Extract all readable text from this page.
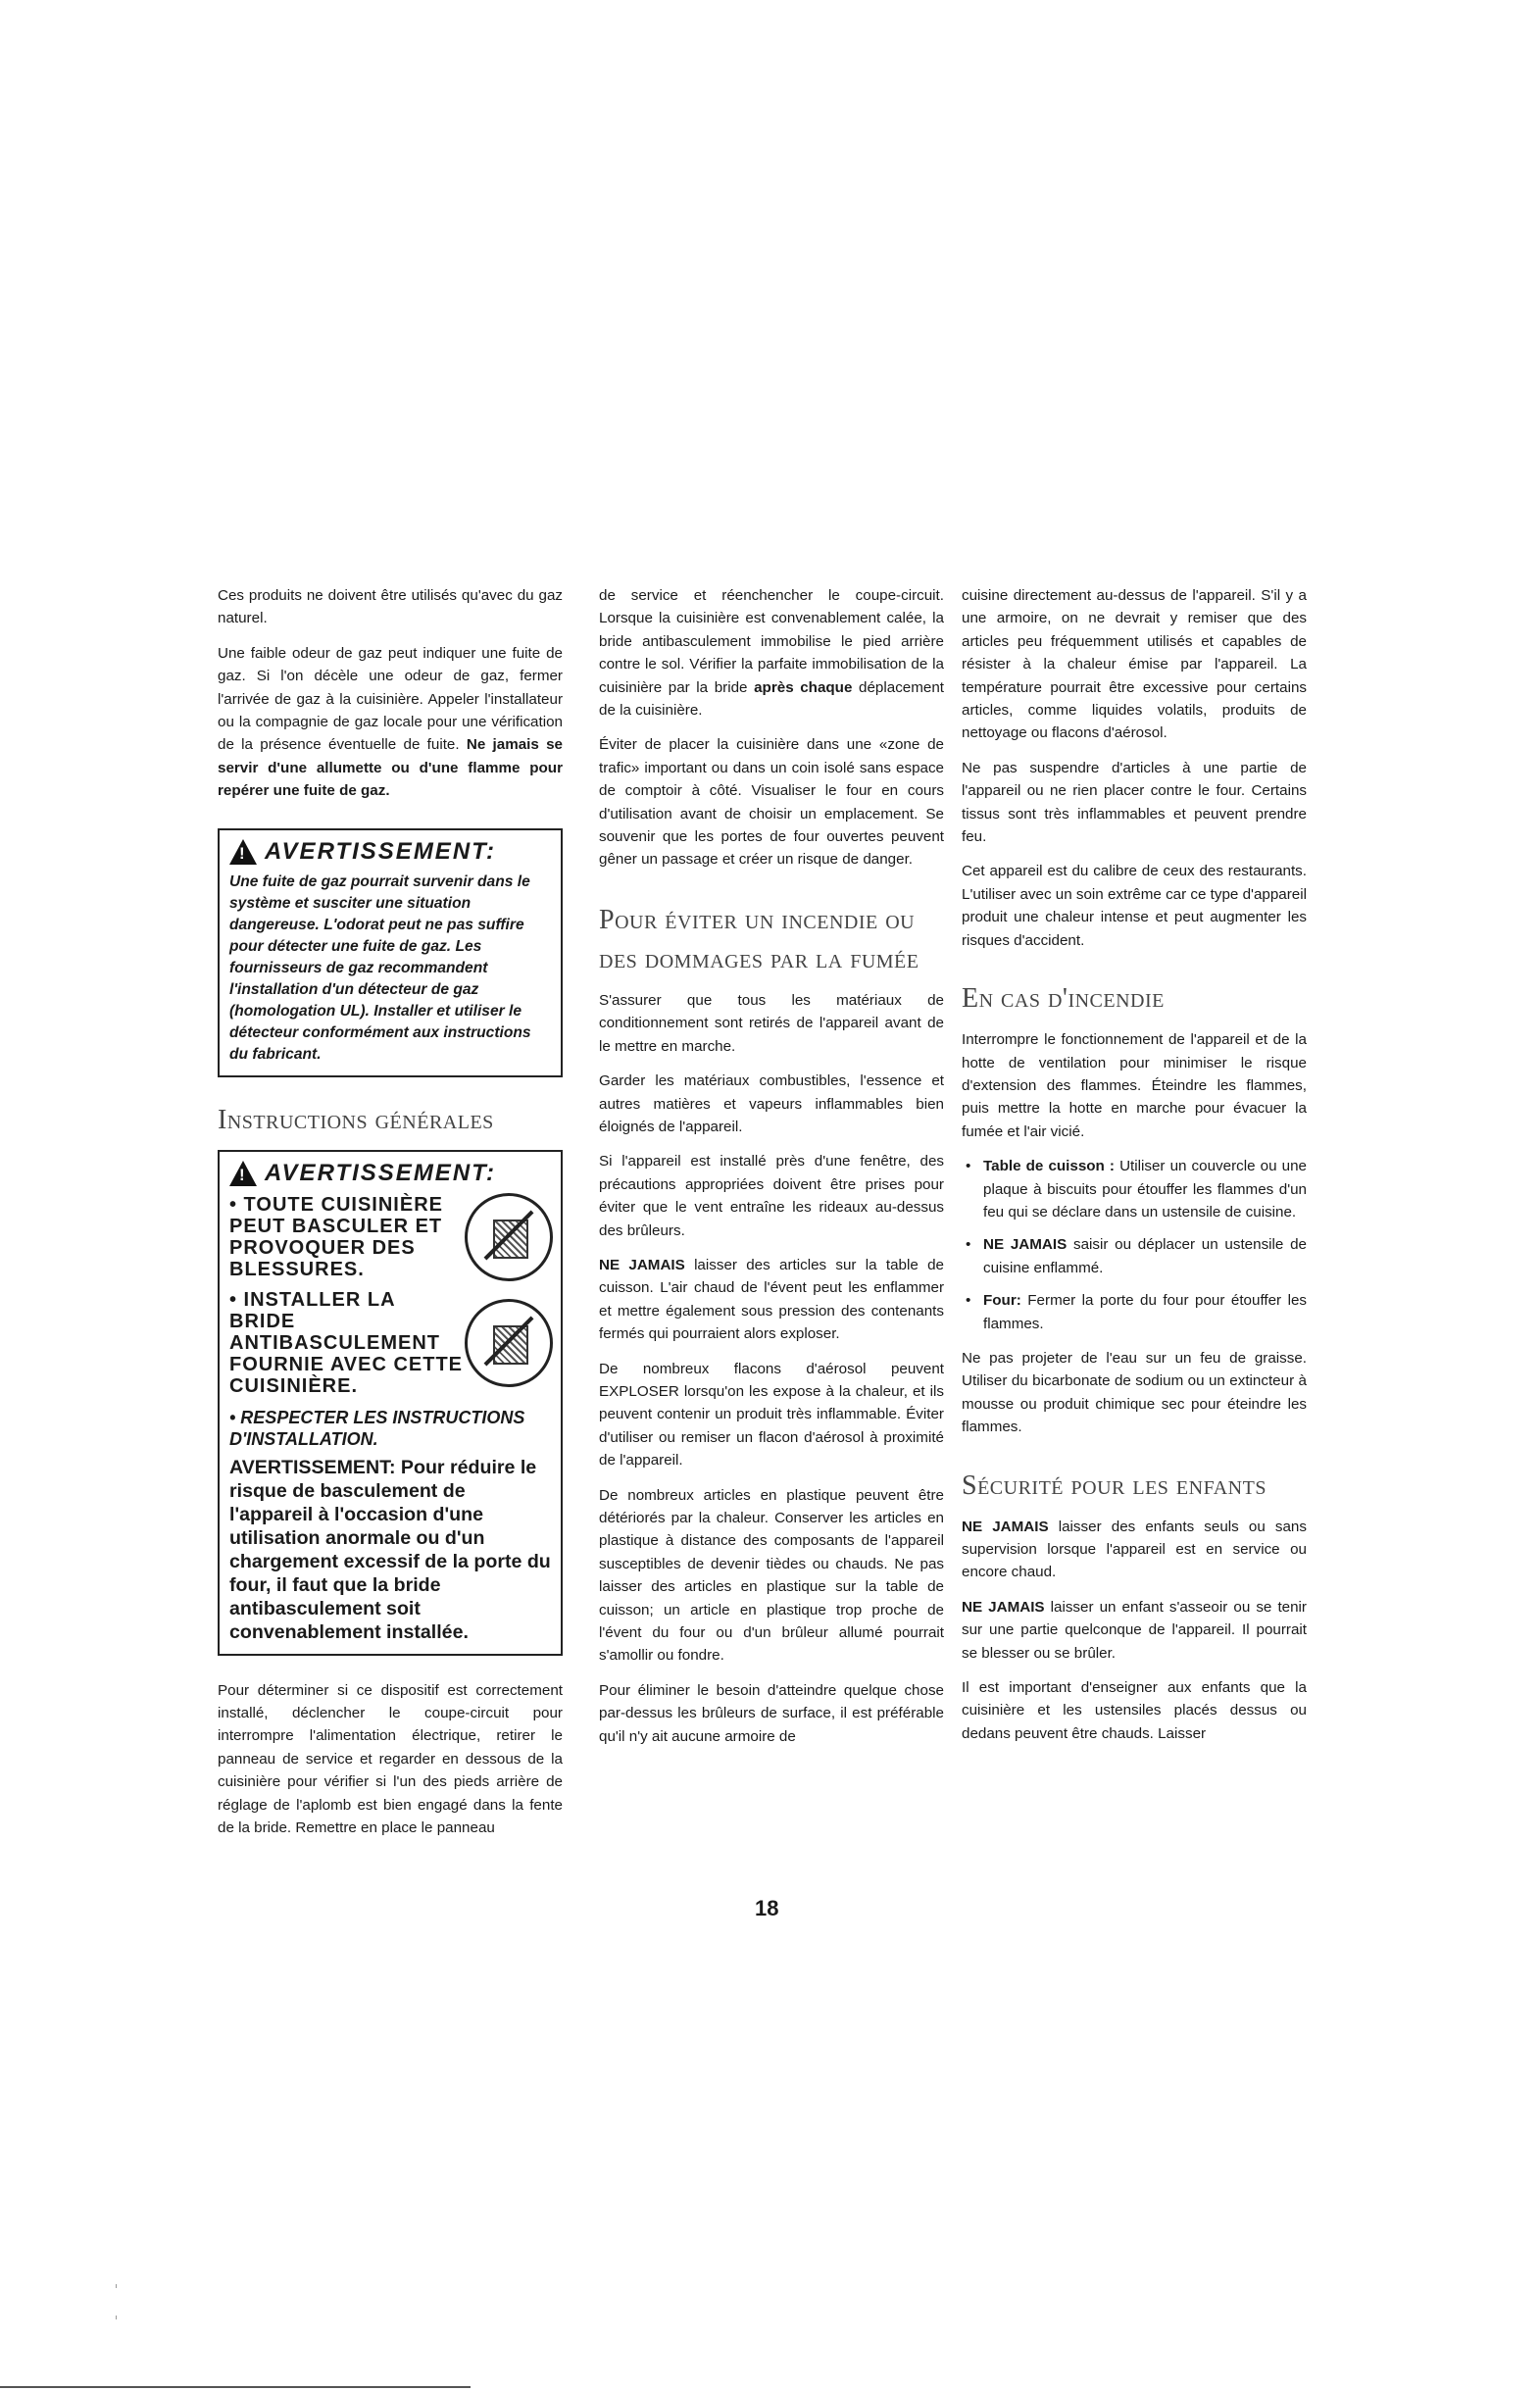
Ces produits ne doivent être utilisés qu'avec du gaz naturel.

Une faible odeur de gaz peut indiquer une fuite de gaz. Si l'on décèle une odeur de gaz, fermer l'arrivée de gaz à la cuisinière. Appeler l'installateur ou la compagnie de gaz locale pour une vérification de la présence éventuelle de fuite. Ne jamais se servir d'une allumette ou d'une flamme pour repérer une fuite de gaz.

! AVERTISSEMENT:

Une fuite de gaz pourrait survenir dans le système et susciter une situation dangereuse. L'odorat peut ne pas suffire pour détecter une fuite de gaz. Les fournisseurs de gaz recommandent l'installation d'un détecteur de gaz (homologation UL). Installer et utiliser le détecteur conformément aux instructions du fabricant.

Instructions générales
! AVERTISSEMENT:
• TOUTE CUISINIÈRE PEUT BASCULER ET PROVOQUER DES BLESSURES.
• INSTALLER LA BRIDE ANTIBASCULEMENT FOURNIE AVEC CETTE CUISINIÈRE.
• RESPECTER LES INSTRUCTIONS D'INSTALLATION.

AVERTISSEMENT: Pour réduire le risque de basculement de l'appareil à l'occasion d'une utilisation anormale ou d'un chargement excessif de la porte du four, il faut que la bride antibasculement soit convenablement installée.

Pour déterminer si ce dispositif est correctement installé, déclencher le coupe-circuit pour interrompre l'alimentation électrique, retirer le panneau de service et regarder en dessous de la cuisinière pour vérifier si l'un des pieds arrière de réglage de l'aplomb est bien engagé dans la fente de la bride. Remettre en place le panneau

de service et réenchencher le coupe-circuit. Lorsque la cuisinière est convenablement calée, la bride antibasculement immobilise le pied arrière contre le sol. Vérifier la parfaite immobilisation de la cuisinière par la bride après chaque déplacement de la cuisinière.

Éviter de placer la cuisinière dans une «zone de trafic» important ou dans un coin isolé sans espace de comptoir à côté. Visualiser le four en cours d'utilisation avant de choisir un emplacement. Se souvenir que les portes de four ouvertes peuvent gêner un passage et créer un risque de danger.

Pour éviter un incendie ou des dommages par la fumée

S'assurer que tous les matériaux de conditionnement sont retirés de l'appareil avant de le mettre en marche.

Garder les matériaux combustibles, l'essence et autres matières et vapeurs inflammables bien éloignés de l'appareil.

Si l'appareil est installé près d'une fenêtre, des précautions appropriées doivent être prises pour éviter que le vent entraîne les rideaux au-dessus des brûleurs.

NE JAMAIS laisser des articles sur la table de cuisson. L'air chaud de l'évent peut les enflammer et mettre également sous pression des contenants fermés qui pourraient alors exploser.

De nombreux flacons d'aérosol peuvent EXPLOSER lorsqu'on les expose à la chaleur, et ils peuvent contenir un produit très inflammable. Éviter d'utiliser ou remiser un flacon d'aérosol à proximité de l'appareil.

De nombreux articles en plastique peuvent être détériorés par la chaleur. Conserver les articles en plastique à distance des composants de l'appareil susceptibles de devenir tièdes ou chauds. Ne pas laisser des articles en plastique sur la table de cuisson; un article en plastique trop proche de l'évent du four ou d'un brûleur allumé pourrait s'amollir ou fondre.

Pour éliminer le besoin d'atteindre quelque chose par-dessus les brûleurs de surface, il est préférable qu'il n'y ait aucune armoire de

cuisine directement au-dessus de l'appareil. S'il y a une armoire, on ne devrait y remiser que des articles peu fréquemment utilisés et capables de résister à la chaleur émise par l'appareil. La température pourrait être excessive pour certains articles, comme liquides volatils, produits de nettoyage ou flacons d'aérosol.

Ne pas suspendre d'articles à une partie de l'appareil ou ne rien placer contre le four. Certains tissus sont très inflammables et peuvent prendre feu.

Cet appareil est du calibre de ceux des restaurants. L'utiliser avec un soin extrême car ce type d'appareil produit une chaleur intense et peut augmenter les risques d'accident.

En cas d'incendie

Interrompre le fonctionnement de l'appareil et de la hotte de ventilation pour minimiser le risque d'extension des flammes. Éteindre les flammes, puis mettre la hotte en marche pour évacuer la fumée et l'air vicié.

• Table de cuisson : Utiliser un couvercle ou une plaque à biscuits pour étouffer les flammes d'un feu qui se déclare dans un ustensile de cuisine.
• NE JAMAIS saisir ou déplacer un ustensile de cuisine enflammé.
• Four: Fermer la porte du four pour étouffer les flammes.

Ne pas projeter de l'eau sur un feu de graisse. Utiliser du bicarbonate de sodium ou un extincteur à mousse ou produit chimique sec pour éteindre les flammes.

Sécurité pour les enfants

NE JAMAIS laisser des enfants seuls ou sans supervision lorsque l'appareil est en service ou encore chaud.

NE JAMAIS laisser un enfant s'asseoir ou se tenir sur une partie quelconque de l'appareil. Il pourrait se blesser ou se brûler.

Il est important d'enseigner aux enfants que la cuisinière et les ustensiles placés dessus ou dedans peuvent être chauds. Laisser

18
